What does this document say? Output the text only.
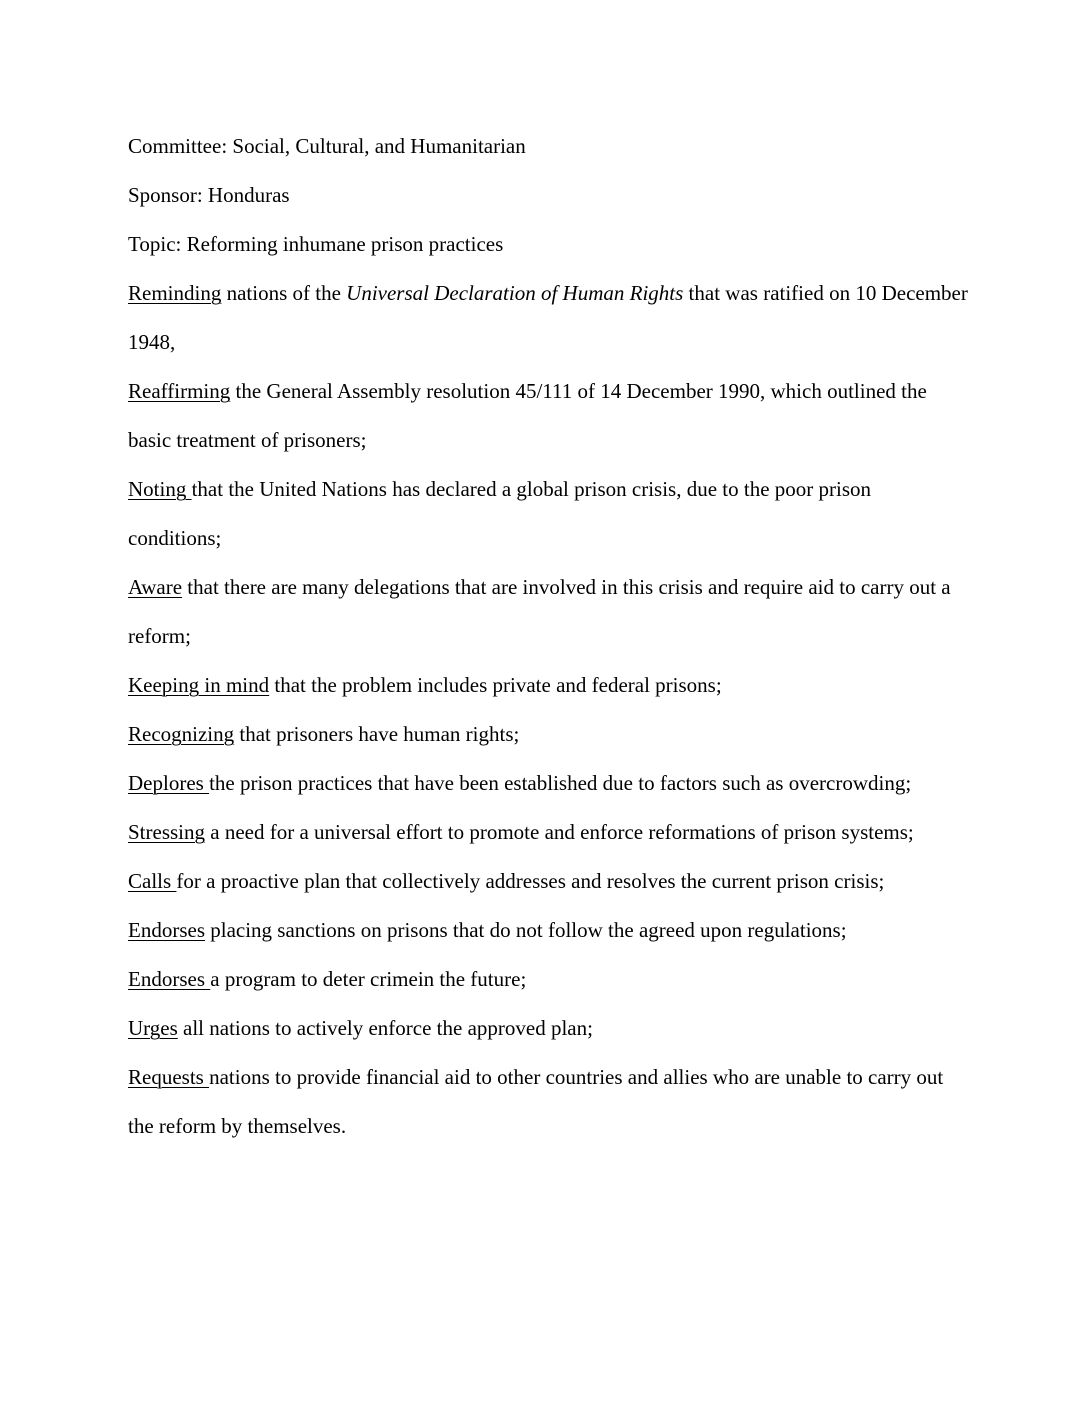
Committee: Social, Cultural, and Humanitarian

Sponsor: Honduras

Topic: Reforming inhumane prison practices

Reminding nations of the Universal Declaration of Human Rights that was ratified on 10 December 1948,

Reaffirming the General Assembly resolution 45/111 of 14 December 1990, which outlined the basic treatment of prisoners;

Noting that the United Nations has declared a global prison crisis, due to the poor prison conditions;

Aware that there are many delegations that are involved in this crisis and require aid to carry out a reform;

Keeping in mind that the problem includes private and federal prisons;

Recognizing that prisoners have human rights;

Deplores the prison practices that have been established due to factors such as overcrowding;

Stressing a need for a universal effort to promote and enforce reformations of prison systems;

Calls for a proactive plan that collectively addresses and resolves the current prison crisis;

Endorses placing sanctions on prisons that do not follow the agreed upon regulations;

Endorses a program to deter crimein the future;

Urges all nations to actively enforce the approved plan;

Requests nations to provide financial aid to other countries and allies who are unable to carry out the reform by themselves.
